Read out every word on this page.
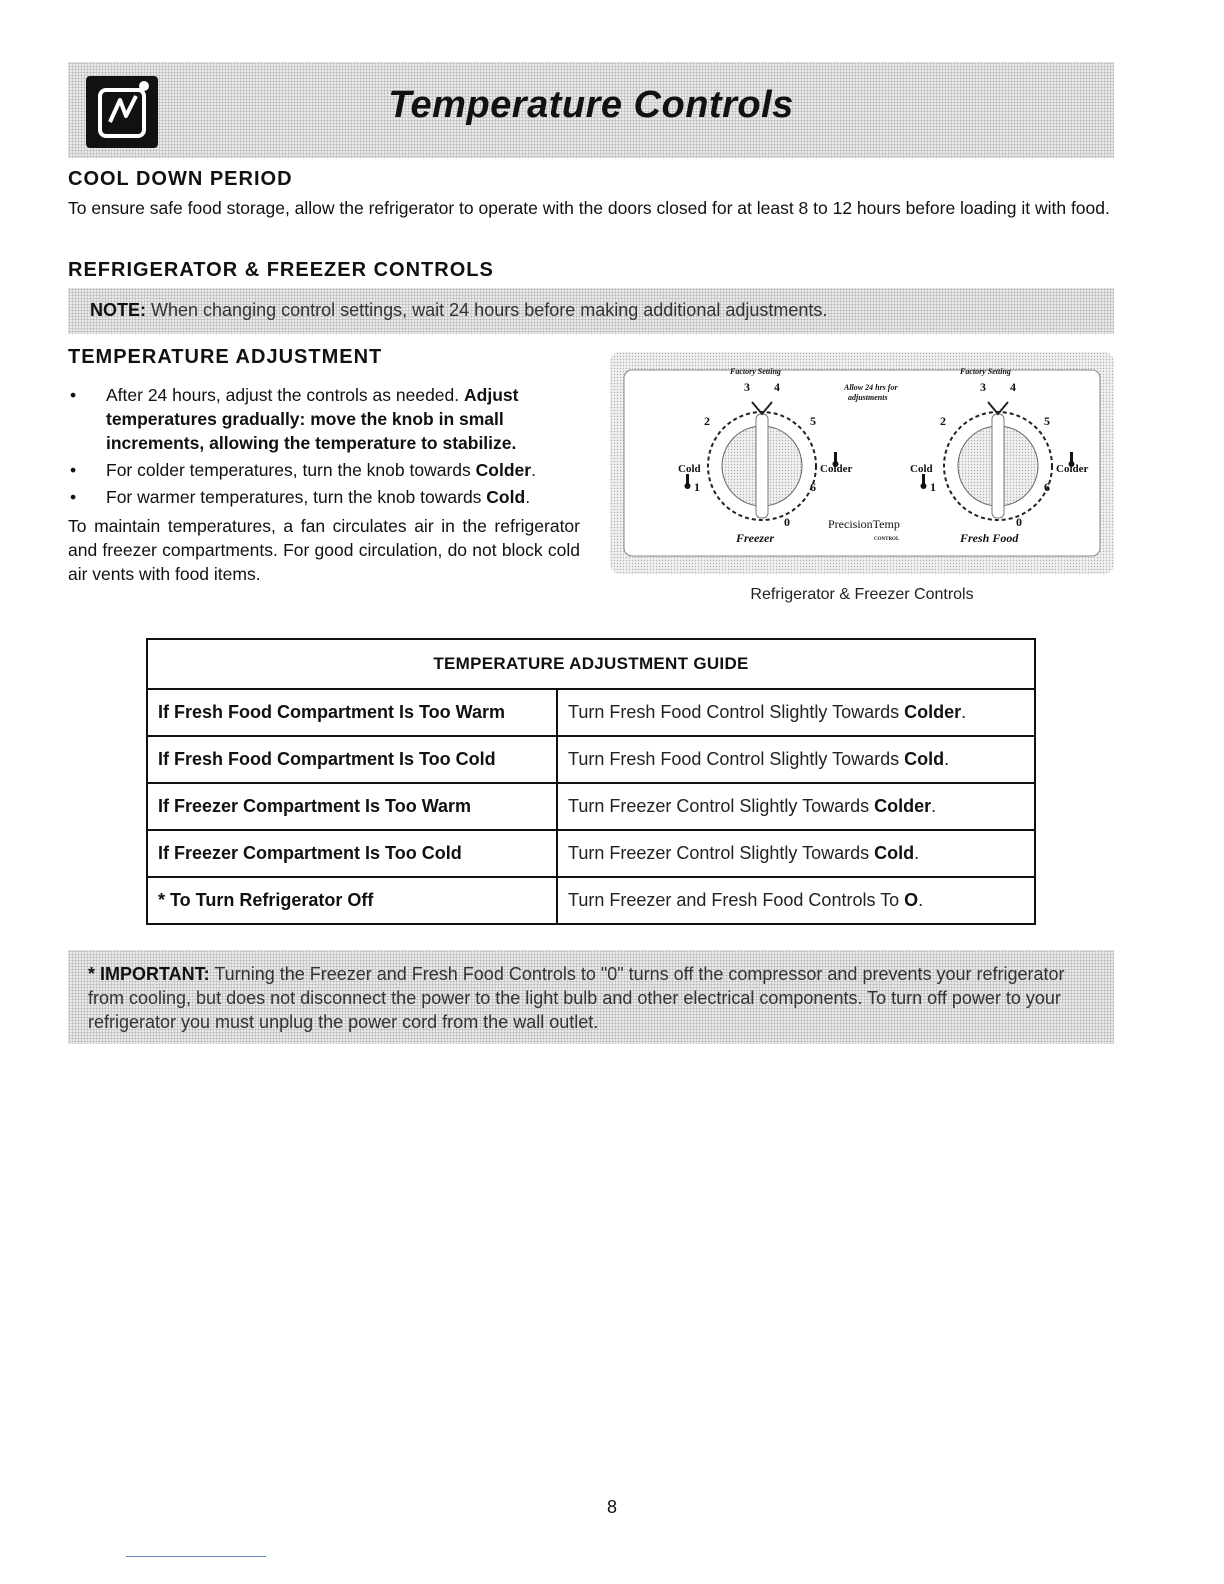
Temperature Controls
COOL DOWN PERIOD

To ensure safe food storage, allow the refrigerator to operate with the doors closed for at least 8 to 12 hours before loading it with food.

REFRIGERATOR & FREEZER CONTROLS

NOTE: When changing control settings, wait 24 hours before making additional adjustments.

TEMPERATURE ADJUSTMENT
• After 24 hours, adjust the controls as needed. Adjust temperatures gradually: move the knob in small increments, allowing the temperature to stabilize.
• For colder temperatures, turn the knob towards Colder.
• For warmer temperatures, turn the knob towards Cold.

To maintain temperatures, a fan circulates air in the refrigerator and freezer compartments. For good circulation, do not block cold air vents with food items.

Factory Setting
3 4
2	5
1	6
0
Cold	Colder
Freezer
Allow 24 hrs for
adjustments
PrecisionTemp
CONTROL
Factory Setting
3 4
2	5
1	6
0
Cold	Colder
Fresh Food

Refrigerator & Freezer Controls

TEMPERATURE ADJUSTMENT GUIDE	
If Fresh Food Compartment Is Too Warm	Turn Fresh Food Control Slightly Towards Colder.
If Fresh Food Compartment Is Too Cold	Turn Fresh Food Control Slightly Towards Cold.
If Freezer Compartment Is Too Warm	Turn Freezer Control Slightly Towards Colder.
If Freezer Compartment Is Too Cold	Turn Freezer Control Slightly Towards Cold.
* To Turn Refrigerator Off	Turn Freezer and Fresh Food Controls To O.

* IMPORTANT: Turning the Freezer and Fresh Food Controls to "0" turns off the compressor and prevents your refrigerator from cooling, but does not disconnect the power to the light bulb and other electrical components. To turn off power to your refrigerator you must unplug the power cord from the wall outlet.

8
